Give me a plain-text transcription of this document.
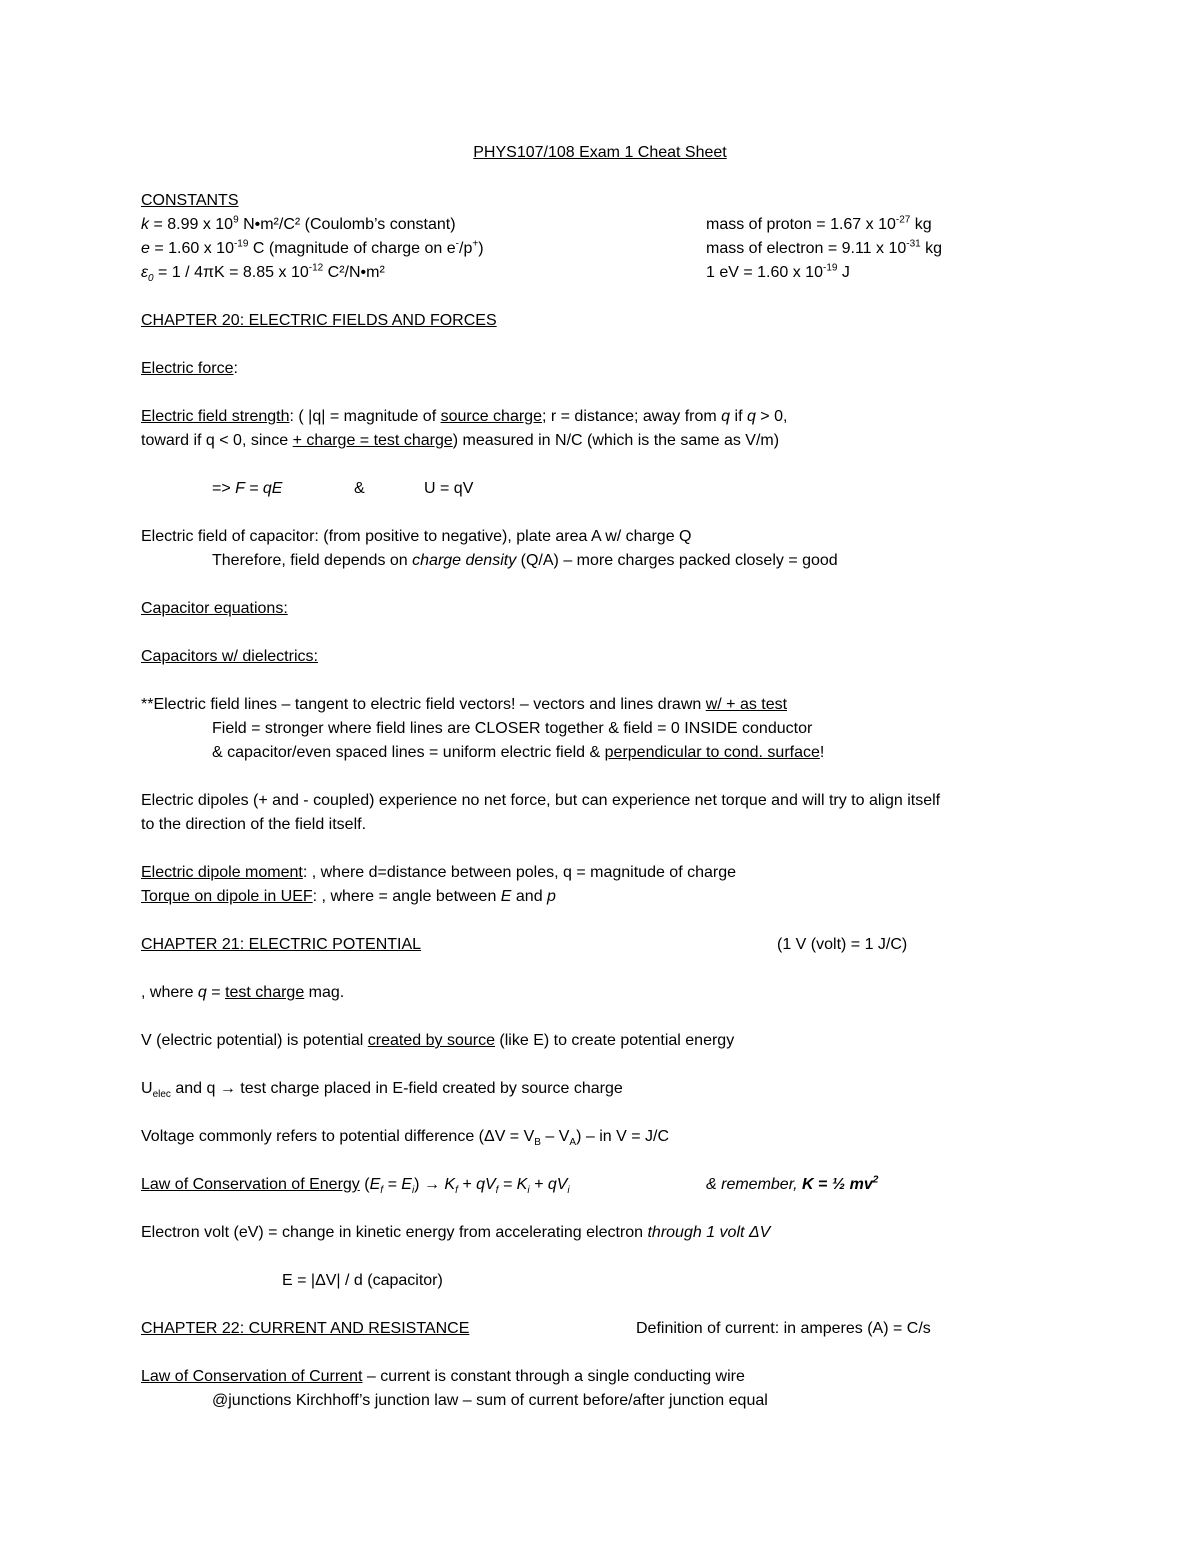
PHYS107/108 Exam 1 Cheat Sheet
CONSTANTS
k = 8.99 x $10^9$ N•m²/C² (Coulomb’s constant)	mass of proton = 1.67 x $10^{-27}$ kg
e = 1.60 x $10^{-19}$ C (magnitude of charge on e-/p+)	mass of electron = 9.11 x $10^{-31}$ kg
$\varepsilon_0 = 1 / 4\pi K = 8.85$ x $10^{-12}$ C²/N•m²	1 eV = 1.60 x $10^{-19}$ J
CHAPTER 20: ELECTRIC FIELDS AND FORCES
Electric force:
Electric field strength: ( |q| = magnitude of source charge; r = distance; away from q if q > 0,
toward if q < 0, since + charge = test charge) measured in N/C (which is the same as V/m)
=> F = qE	&	U = qV
Electric field of capacitor: (from positive to negative), plate area A w/ charge Q
Therefore, field depends on charge density (Q/A) – more charges packed closely = good
Capacitor equations:
Capacitors w/ dielectrics:
**Electric field lines – tangent to electric field vectors! – vectors and lines drawn w/ + as test
Field = stronger where field lines are CLOSER together & field = 0 INSIDE conductor
& capacitor/even spaced lines = uniform electric field & perpendicular to cond. surface!
Electric dipoles (+ and - coupled) experience no net force, but can experience net torque and will try to align itself
to the direction of the field itself.
Electric dipole moment: , where d=distance between poles, q = magnitude of charge
Torque on dipole in UEF: , where = angle between E and p
CHAPTER 21: ELECTRIC POTENTIAL	(1 V (volt) = 1 J/C)
, where q = test charge mag.
V (electric potential) is potential created by source (like E) to create potential energy
$U_{elec}$ and q → test charge placed in E-field created by source charge
Voltage commonly refers to potential difference $(\Delta V = V_B - V_A)$ – in V = J/C
Law of Conservation of Energy $(E_f = E_i) \to K_f + qV_f = K_i + qV_i$	& remember, K = ½ $mv^2$
Electron volt (eV) = change in kinetic energy from accelerating electron through 1 volt ΔV
E = |ΔV| / d (capacitor)
CHAPTER 22: CURRENT AND RESISTANCE	Definition of current: in amperes (A) = C/s
Law of Conservation of Current – current is constant through a single conducting wire
@junctions Kirchhoff’s junction law – sum of current before/after junction equal
